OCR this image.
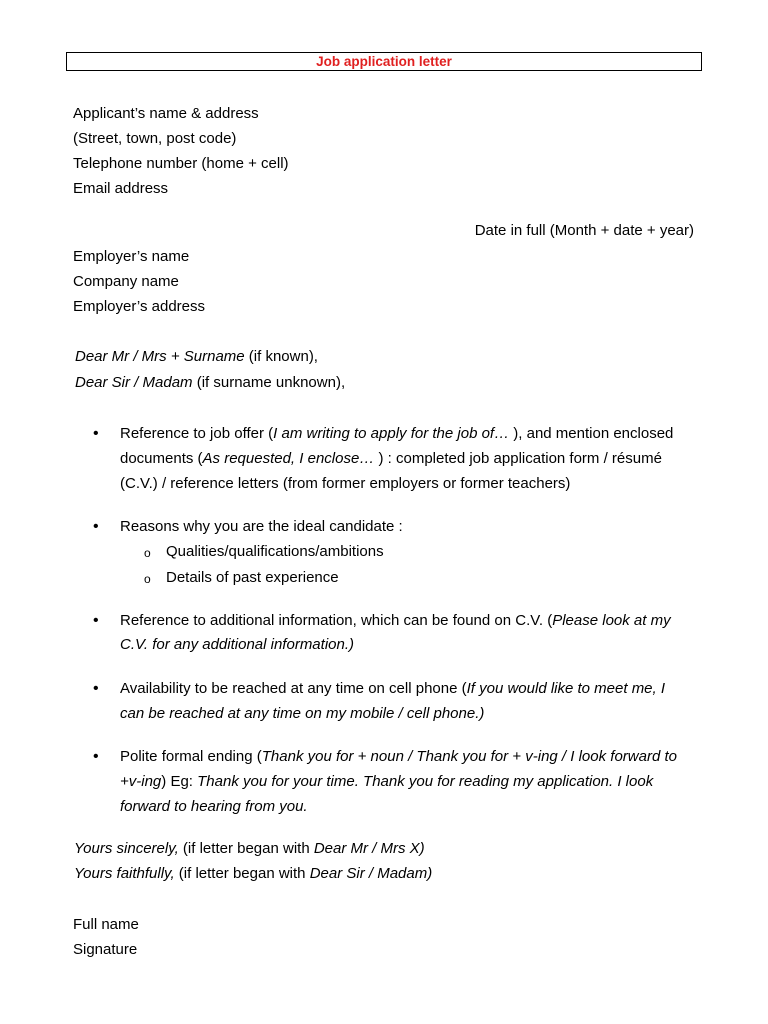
Job application letter
Applicant’s name & address
(Street, town, post code)
Telephone number (home + cell)
Email address
Date in full (Month + date + year)
Employer’s name
Company name
Employer’s address
Dear Mr / Mrs + Surname (if known),
Dear Sir / Madam (if surname unknown),
• Reference to job offer (I am writing to apply for the job of… ), and mention enclosed
documents (As requested, I enclose… ) : completed job application form / résumé
(C.V.) / reference letters (from former employers or former teachers)
• Reasons why you are the ideal candidate :
o Qualities/qualifications/ambitions
o Details of past experience
• Reference to additional information, which can be found on C.V. (Please look at my
C.V. for any additional information.)
• Availability to be reached at any time on cell phone (If you would like to meet me, I
can be reached at any time on my mobile / cell phone.)
• Polite formal ending (Thank you for + noun / Thank you for + v-ing / I look forward to
+v-ing) Eg: Thank you for your time. Thank you for reading my application. I look
forward to hearing from you.
Yours sincerely, (if letter began with Dear Mr / Mrs X)
Yours faithfully, (if letter began with Dear Sir / Madam)
Full name
Signature
